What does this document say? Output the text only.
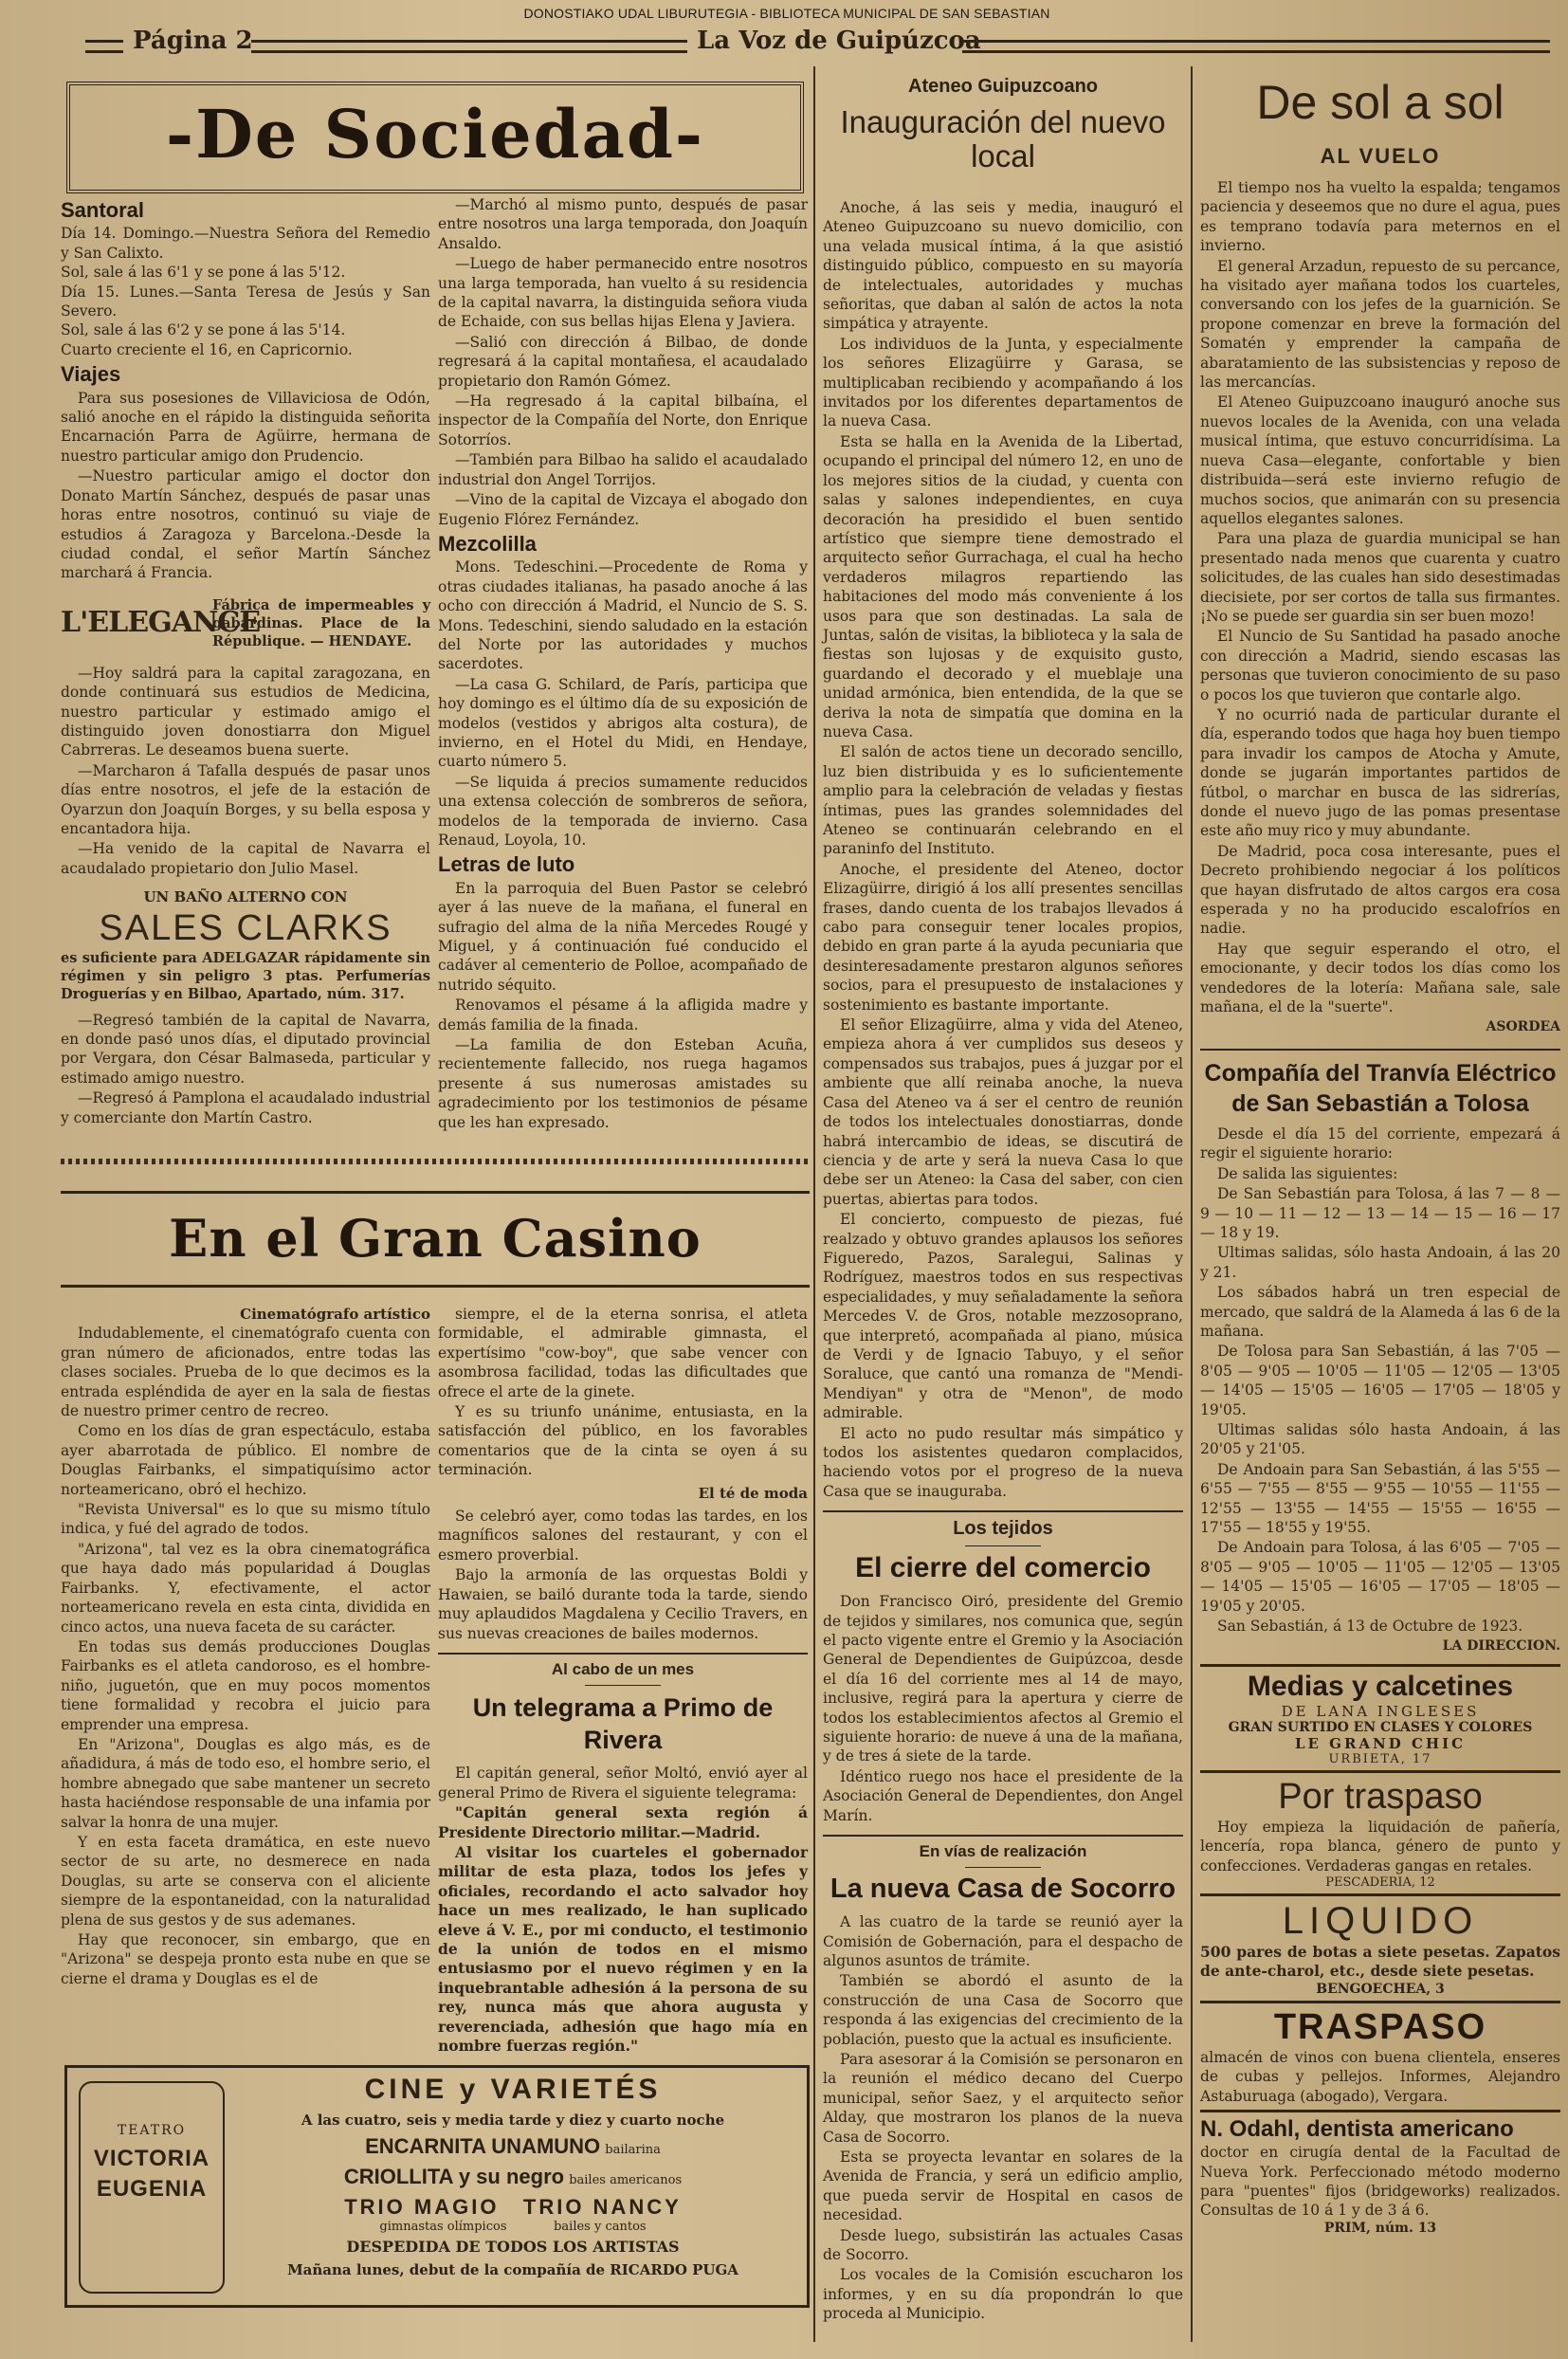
DONOSTIAKO UDAL LIBURUTEGIA - BIBLIOTECA MUNICIPAL DE SAN SEBASTIAN
Página 2	La Voz de Guipúzcoa
-De Sociedad-
Santoral
Día 14. Domingo.—Nuestra Señora del Remedio y San Calixto.
Sol, sale á las 6'1 y se pone á las 5'12.
Día 15. Lunes.—Santa Teresa de Jesús y San Severo.
Sol, sale á las 6'2 y se pone á las 5'14.
Cuarto creciente el 16, en Capricornio.
Viajes

Para sus posesiones de Villaviciosa de Odón, salió anoche en el rápido la distinguida señorita Encarnación Parra de Agüirre, hermana de nuestro particular amigo don Prudencio.

—Nuestro particular amigo el doctor don Donato Martín Sánchez, después de pasar unas horas entre nosotros, continuó su viaje de estudios á Zaragoza y Barcelona.-Desde la ciudad condal, el señor Martín Sánchez marchará á Francia.

L'ELEGANCE
Fábrica de impermeables y gabardinas. Place de la République. — HENDAYE.

—Hoy saldrá para la capital zaragozana, en donde continuará sus estudios de Medicina, nuestro particular y estimado amigo el distinguido joven donostiarra don Miguel Cabrreras. Le deseamos buena suerte.

—Marcharon á Tafalla después de pasar unos días entre nosotros, el jefe de la estación de Oyarzun don Joaquín Borges, y su bella esposa y encantadora hija.

—Ha venido de la capital de Navarra el acaudalado propietario don Julio Masel.

UN BAÑO ALTERNO CON
SALES CLARKS
es suficiente para ADELGAZAR rápidamente sin régimen y sin peligro 3 ptas. Perfumerías Droguerías y en Bilbao, Apartado, núm. 317.

—Regresó también de la capital de Navarra, en donde pasó unos días, el diputado provincial por Vergara, don César Balmaseda, particular y estimado amigo nuestro.

—Regresó á Pamplona el acaudalado industrial y comerciante don Martín Castro.

—Marchó al mismo punto, después de pasar entre nosotros una larga temporada, don Joaquín Ansaldo.

—Luego de haber permanecido entre nosotros una larga temporada, han vuelto á su residencia de la capital navarra, la distinguida señora viuda de Echaide, con sus bellas hijas Elena y Javiera.

—Salió con dirección á Bilbao, de donde regresará á la capital montañesa, el acaudalado propietario don Ramón Gómez.

—Ha regresado á la capital bilbaína, el inspector de la Compañía del Norte, don Enrique Sotorríos.

—También para Bilbao ha salido el acaudalado industrial don Angel Torrijos.

—Vino de la capital de Vizcaya el abogado don Eugenio Flórez Fernández.

Mezcolilla

Mons. Tedeschini.—Procedente de Roma y otras ciudades italianas, ha pasado anoche á las ocho con dirección á Madrid, el Nuncio de S. S. Mons. Tedeschini, siendo saludado en la estación del Norte por las autoridades y muchos sacerdotes.

—La casa G. Schilard, de París, participa que hoy domingo es el último día de su exposición de modelos (vestidos y abrigos alta costura), de invierno, en el Hotel du Midi, en Hendaye, cuarto número 5.

—Se liquida á precios sumamente reducidos una extensa colección de sombreros de señora, modelos de la temporada de invierno. Casa Renaud, Loyola, 10.

Letras de luto

En la parroquia del Buen Pastor se celebró ayer á las nueve de la mañana, el funeral en sufragio del alma de la niña Mercedes Rougé y Miguel, y á continuación fué conducido el cadáver al cementerio de Polloe, acompañado de nutrido séquito.

Renovamos el pésame á la afligida madre y demás familia de la finada.

—La familia de don Esteban Acuña, recientemente fallecido, nos ruega hagamos presente á sus numerosas amistades su agradecimiento por los testimonios de pésame que les han expresado.

En el Gran Casino
Cinematógrafo artístico

Indudablemente, el cinematógrafo cuenta con gran número de aficionados, entre todas las clases sociales. Prueba de lo que decimos es la entrada espléndida de ayer en la sala de fiestas de nuestro primer centro de recreo.

Como en los días de gran espectáculo, estaba ayer abarrotada de público. El nombre de Douglas Fairbanks, el simpatiquísimo actor norteamericano, obró el hechizo.

"Revista Universal" es lo que su mismo título indica, y fué del agrado de todos.

"Arizona", tal vez es la obra cinematográfica que haya dado más popularidad á Douglas Fairbanks. Y, efectivamente, el actor norteamericano revela en esta cinta, dividida en cinco actos, una nueva faceta de su carácter.

En todas sus demás producciones Douglas Fairbanks es el atleta candoroso, es el hombre-niño, juguetón, que en muy pocos momentos tiene formalidad y recobra el juicio para emprender una empresa.

En "Arizona", Douglas es algo más, es de añadidura, á más de todo eso, el hombre serio, el hombre abnegado que sabe mantener un secreto hasta haciéndose responsable de una infamia por salvar la honra de una mujer.

Y en esta faceta dramática, en este nuevo sector de su arte, no desmerece en nada Douglas, su arte se conserva con el aliciente siempre de la espontaneidad, con la naturalidad plena de sus gestos y de sus ademanes.

Hay que reconocer, sin embargo, que en "Arizona" se despeja pronto esta nube en que se cierne el drama y Douglas es el de

siempre, el de la eterna sonrisa, el atleta formidable, el admirable gimnasta, el expertísimo "cow-boy", que sabe vencer con asombrosa facilidad, todas las dificultades que ofrece el arte de la ginete.

Y es su triunfo unánime, entusiasta, en la satisfacción del público, en los favorables comentarios que de la cinta se oyen á su terminación.

El té de moda

Se celebró ayer, como todas las tardes, en los magníficos salones del restaurant, y con el esmero proverbial.

Bajo la armonía de las orquestas Boldi y Hawaien, se bailó durante toda la tarde, siendo muy aplaudidos Magdalena y Cecilio Travers, en sus nuevas creaciones de bailes modernos.

Al cabo de un mes
Un telegrama a Primo de Rivera

El capitán general, señor Moltó, envió ayer al general Primo de Rivera el siguiente telegrama:

"Capitán general sexta región á Presidente Directorio militar.—Madrid.

Al visitar los cuarteles el gobernador militar de esta plaza, todos los jefes y oficiales, recordando el acto salvador hoy hace un mes realizado, le han suplicado eleve á V. E., por mi conducto, el testimonio de la unión de todos en el mismo entusiasmo por el nuevo régimen y en la inquebrantable adhesión á la persona de su rey, nunca más que ahora augusta y reverenciada, adhesión que hago mía en nombre fuerzas región."

TEATRO
VICTORIA
EUGENIA
CINE y VARIETÉS
A las cuatro, seis y media tarde y diez y cuarto noche
ENCARNITA UNAMUNO bailarina
CRIOLLITA y su negro bailes americanos
TRIO MAGIO TRIO NANCY
gimnastas olímpicos	bailes y cantos
DESPEDIDA DE TODOS LOS ARTISTAS
Mañana lunes, debut de la compañía de RICARDO PUGA
Ateneo Guipuzcoano
Inauguración del nuevo local

Anoche, á las seis y media, inauguró el Ateneo Guipuzcoano su nuevo domicilio, con una velada musical íntima, á la que asistió distinguido público, compuesto en su mayoría de intelectuales, autoridades y muchas señoritas, que daban al salón de actos la nota simpática y atrayente.

Los individuos de la Junta, y especialmente los señores Elizagüirre y Garasa, se multiplicaban recibiendo y acompañando á los invitados por los diferentes departamentos de la nueva Casa.

Esta se halla en la Avenida de la Libertad, ocupando el principal del número 12, en uno de los mejores sitios de la ciudad, y cuenta con salas y salones independientes, en cuya decoración ha presidido el buen sentido artístico que siempre tiene demostrado el arquitecto señor Gurrachaga, el cual ha hecho verdaderos milagros repartiendo las habitaciones del modo más conveniente á los usos para que son destinadas. La sala de Juntas, salón de visitas, la biblioteca y la sala de fiestas son lujosas y de exquisito gusto, guardando el decorado y el mueblaje una unidad armónica, bien entendida, de la que se deriva la nota de simpatía que domina en la nueva Casa.

El salón de actos tiene un decorado sencillo, luz bien distribuida y es lo suficientemente amplio para la celebración de veladas y fiestas íntimas, pues las grandes solemnidades del Ateneo se continuarán celebrando en el paraninfo del Instituto.

Anoche, el presidente del Ateneo, doctor Elizagüirre, dirigió á los allí presentes sencillas frases, dando cuenta de los trabajos llevados á cabo para conseguir tener locales propios, debido en gran parte á la ayuda pecuniaria que desinteresadamente prestaron algunos señores socios, para el presupuesto de instalaciones y sostenimiento es bastante importante.

El señor Elizagüirre, alma y vida del Ateneo, empieza ahora á ver cumplidos sus deseos y compensados sus trabajos, pues á juzgar por el ambiente que allí reinaba anoche, la nueva Casa del Ateneo va á ser el centro de reunión de todos los intelectuales donostiarras, donde habrá intercambio de ideas, se discutirá de ciencia y de arte y será la nueva Casa lo que debe ser un Ateneo: la Casa del saber, con cien puertas, abiertas para todos.

El concierto, compuesto de piezas, fué realzado y obtuvo grandes aplausos los señores Figueredo, Pazos, Saralegui, Salinas y Rodríguez, maestros todos en sus respectivas especialidades, y muy señaladamente la señora Mercedes V. de Gros, notable mezzosoprano, que interpretó, acompañada al piano, música de Verdi y de Ignacio Tabuyo, y el señor Soraluce, que cantó una romanza de "Mendi-Mendiyan" y otra de "Menon", de modo admirable.

El acto no pudo resultar más simpático y todos los asistentes quedaron complacidos, haciendo votos por el progreso de la nueva Casa que se inauguraba.

Los tejidos
El cierre del comercio

Don Francisco Oiró, presidente del Gremio de tejidos y similares, nos comunica que, según el pacto vigente entre el Gremio y la Asociación General de Dependientes de Guipúzcoa, desde el día 16 del corriente mes al 14 de mayo, inclusive, regirá para la apertura y cierre de todos los establecimientos afectos al Gremio el siguiente horario: de nueve á una de la mañana, y de tres á siete de la tarde.

Idéntico ruego nos hace el presidente de la Asociación General de Dependientes, don Angel Marín.

En vías de realización
La nueva Casa de Socorro

A las cuatro de la tarde se reunió ayer la Comisión de Gobernación, para el despacho de algunos asuntos de trámite.

También se abordó el asunto de la construcción de una Casa de Socorro que responda á las exigencias del crecimiento de la población, puesto que la actual es insuficiente.

Para asesorar á la Comisión se personaron en la reunión el médico decano del Cuerpo municipal, señor Saez, y el arquitecto señor Alday, que mostraron los planos de la nueva Casa de Socorro.

Esta se proyecta levantar en solares de la Avenida de Francia, y será un edificio amplio, que pueda servir de Hospital en casos de necesidad.

Desde luego, subsistirán las actuales Casas de Socorro.

Los vocales de la Comisión escucharon los informes, y en su día propondrán lo que proceda al Municipio.

De sol a sol
AL VUELO

El tiempo nos ha vuelto la espalda; tengamos paciencia y deseemos que no dure el agua, pues es temprano todavía para meternos en el invierno.

El general Arzadun, repuesto de su percance, ha visitado ayer mañana todos los cuarteles, conversando con los jefes de la guarnición. Se propone comenzar en breve la formación del Somatén y emprender la campaña de abaratamiento de las subsistencias y reposo de las mercancías.

El Ateneo Guipuzcoano inauguró anoche sus nuevos locales de la Avenida, con una velada musical íntima, que estuvo concurridísima. La nueva Casa—elegante, confortable y bien distribuida—será este invierno refugio de muchos socios, que animarán con su presencia aquellos elegantes salones.

Para una plaza de guardia municipal se han presentado nada menos que cuarenta y cuatro solicitudes, de las cuales han sido desestimadas diecisiete, por ser cortos de talla sus firmantes. ¡No se puede ser guardia sin ser buen mozo!

El Nuncio de Su Santidad ha pasado anoche con dirección a Madrid, siendo escasas las personas que tuvieron conocimiento de su paso o pocos los que tuvieron que contarle algo.

Y no ocurrió nada de particular durante el día, esperando todos que haga hoy buen tiempo para invadir los campos de Atocha y Amute, donde se jugarán importantes partidos de fútbol, o marchar en busca de las sidrerías, donde el nuevo jugo de las pomas presentase este año muy rico y muy abundante.

De Madrid, poca cosa interesante, pues el Decreto prohibiendo negociar á los políticos que hayan disfrutado de altos cargos era cosa esperada y no ha producido escalofríos en nadie.

Hay que seguir esperando el otro, el emocionante, y decir todos los días como los vendedores de la lotería: Mañana sale, sale mañana, el de la "suerte".

ASORDEA
Compañía del Tranvía Eléctrico de San Sebastián a Tolosa

Desde el día 15 del corriente, empezará á regir el siguiente horario:

De salida las siguientes:

De San Sebastián para Tolosa, á las 7 — 8 — 9 — 10 — 11 — 12 — 13 — 14 — 15 — 16 — 17 — 18 y 19.

Ultimas salidas, sólo hasta Andoain, á las 20 y 21.

Los sábados habrá un tren especial de mercado, que saldrá de la Alameda á las 6 de la mañana.

De Tolosa para San Sebastián, á las 7'05 — 8'05 — 9'05 — 10'05 — 11'05 — 12'05 — 13'05 — 14'05 — 15'05 — 16'05 — 17'05 — 18'05 y 19'05.

Ultimas salidas sólo hasta Andoain, á las 20'05 y 21'05.

De Andoain para San Sebastián, á las 5'55 — 6'55 — 7'55 — 8'55 — 9'55 — 10'55 — 11'55 — 12'55 — 13'55 — 14'55 — 15'55 — 16'55 — 17'55 — 18'55 y 19'55.

De Andoain para Tolosa, á las 6'05 — 7'05 — 8'05 — 9'05 — 10'05 — 11'05 — 12'05 — 13'05 — 14'05 — 15'05 — 16'05 — 17'05 — 18'05 — 19'05 y 20'05.

San Sebastián, á 13 de Octubre de 1923.

LA DIRECCION.

Medias y calcetines

DE LANA INGLESES

GRAN SURTIDO EN CLASES Y COLORES

LE GRAND CHIC

URBIETA, 17

Por traspaso

Hoy empieza la liquidación de pañería, lencería, ropa blanca, género de punto y confecciones. Verdaderas gangas en retales.

PESCADERIA, 12

LIQUIDO

500 pares de botas a siete pesetas. Zapatos de ante-charol, etc., desde siete pesetas.

BENGOECHEA, 3

TRASPASO

almacén de vinos con buena clientela, enseres de cubas y pellejos. Informes, Alejandro Astaburuaga (abogado), Vergara.

N. Odahl, dentista americano

doctor en cirugía dental de la Facultad de Nueva York. Perfeccionado método moderno para "puentes" fijos (bridgeworks) realizados. Consultas de 10 á 1 y de 3 á 6.

PRIM, núm. 13
